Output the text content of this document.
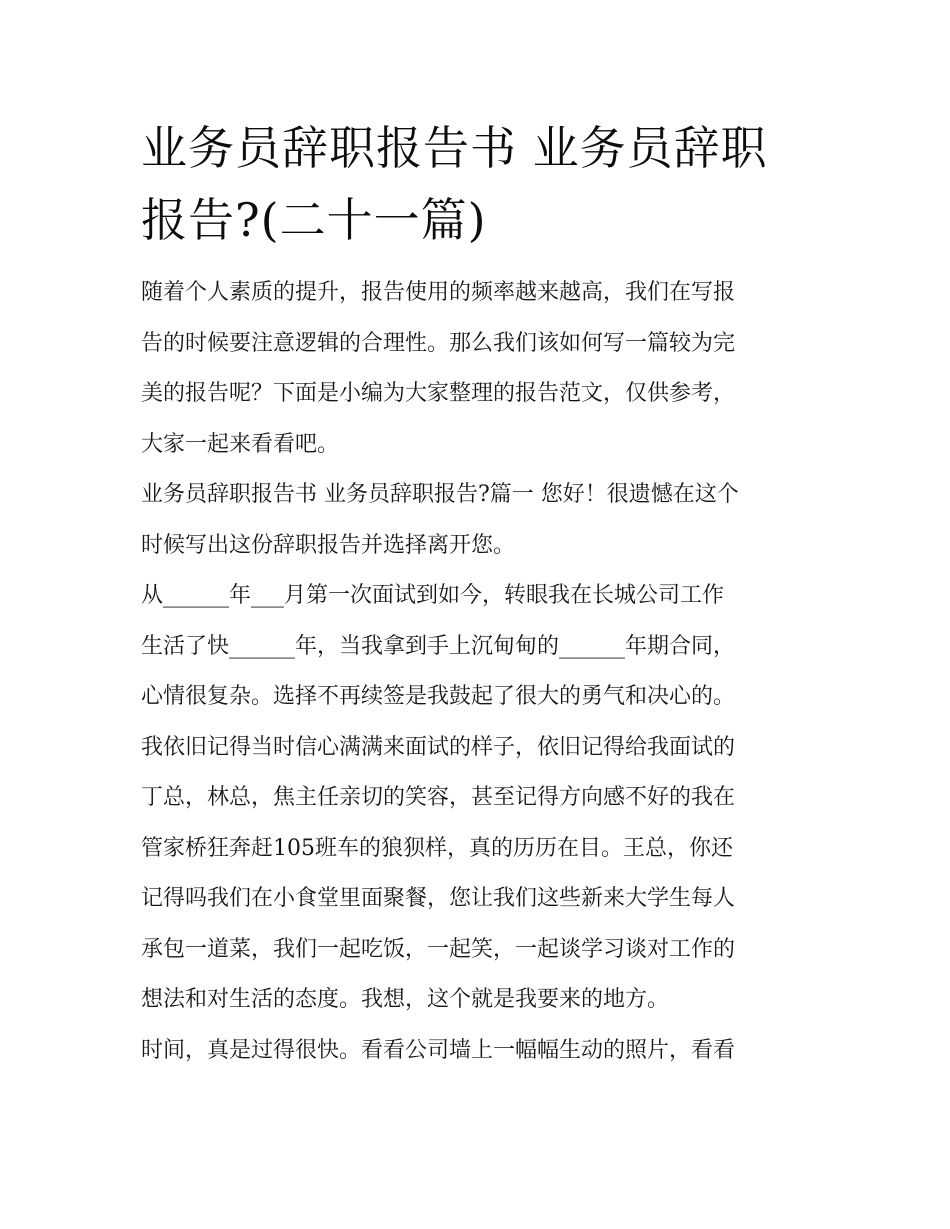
业务员辞职报告书 业务员辞职
报告?(二十一篇)

随着个人素质的提升，报告使用的频率越来越高，我们在写报
告的时候要注意逻辑的合理性。那么我们该如何写一篇较为完
美的报告呢？下面是小编为大家整理的报告范文，仅供参考，
大家一起来看看吧。

业务员辞职报告书 业务员辞职报告?篇一 您好！很遗憾在这个
时候写出这份辞职报告并选择离开您。

从______年___月第一次面试到如今，转眼我在长城公司工作
生活了快______年，当我拿到手上沉甸甸的______年期合同，
心情很复杂。选择不再续签是我鼓起了很大的勇气和决心的。
我依旧记得当时信心满满来面试的样子，依旧记得给我面试的
丁总，林总，焦主任亲切的笑容，甚至记得方向感不好的我在
管家桥狂奔赶105班车的狼狈样，真的历历在目。王总，你还
记得吗我们在小食堂里面聚餐，您让我们这些新来大学生每人
承包一道菜，我们一起吃饭，一起笑，一起谈学习谈对工作的
想法和对生活的态度。我想，这个就是我要来的地方。

时间，真是过得很快。看看公司墙上一幅幅生动的照片，看看
